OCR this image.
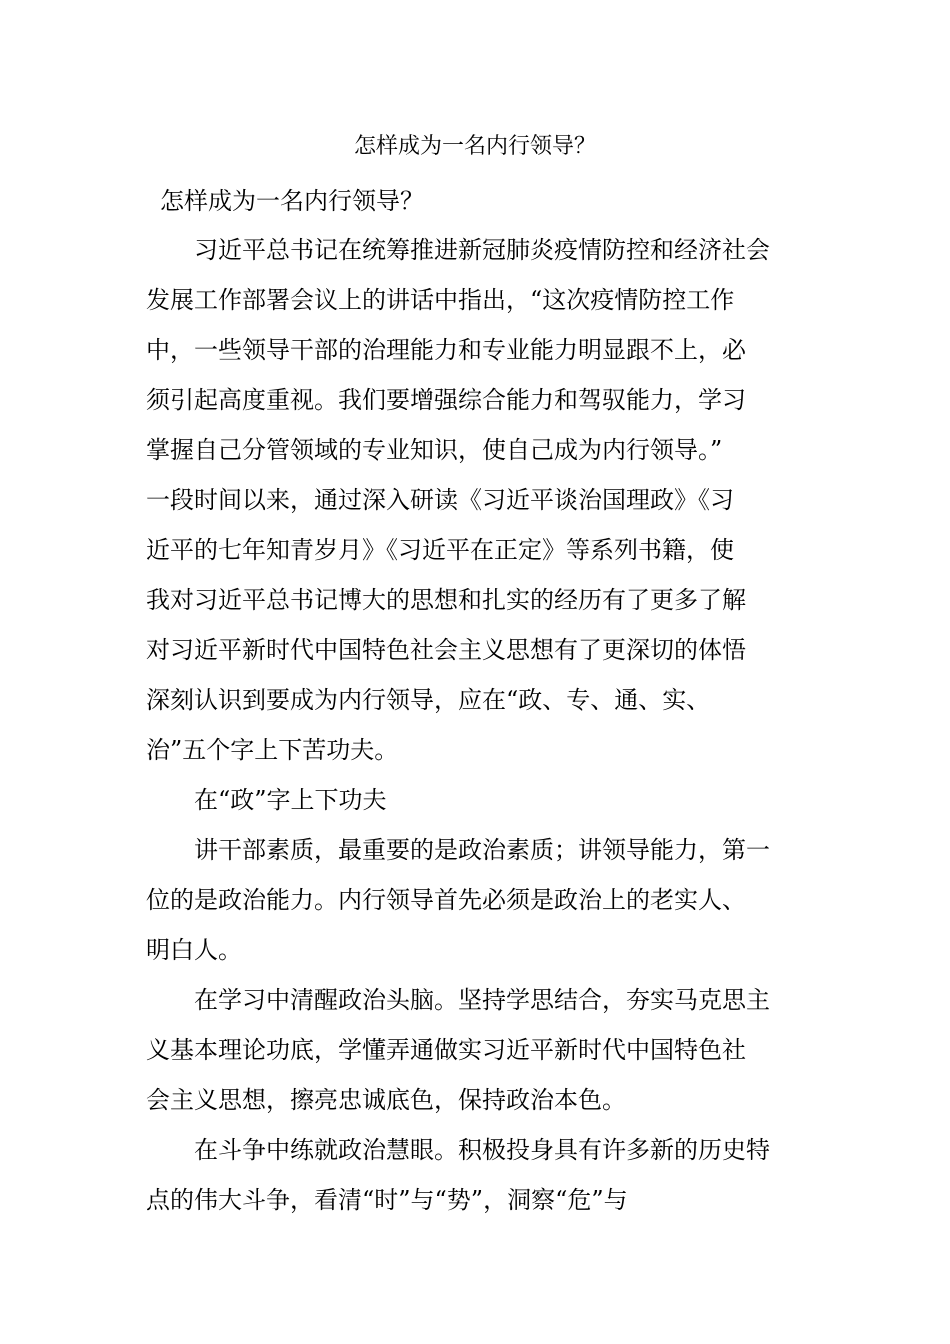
怎样成为一名内行领导？
怎样成为一名内行领导？
习近平总书记在统筹推进新冠肺炎疫情防控和经济社会
发展工作部署会议上的讲话中指出，“这次疫情防控工作
中，一些领导干部的治理能力和专业能力明显跟不上，必
须引起高度重视。我们要增强综合能力和驾驭能力，学习
掌握自己分管领域的专业知识，使自己成为内行领导。”
一段时间以来，通过深入研读《习近平谈治国理政》《习
近平的七年知青岁月》《习近平在正定》等系列书籍，使
我对习近平总书记博大的思想和扎实的经历有了更多了解
对习近平新时代中国特色社会主义思想有了更深切的体悟
深刻认识到要成为内行领导，应在“政、专、通、实、
治”五个字上下苦功夫。
在“政”字上下功夫
讲干部素质，最重要的是政治素质；讲领导能力，第一
位的是政治能力。内行领导首先必须是政治上的老实人、
明白人。
在学习中清醒政治头脑。坚持学思结合，夯实马克思主
义基本理论功底，学懂弄通做实习近平新时代中国特色社
会主义思想，擦亮忠诚底色，保持政治本色。
在斗争中练就政治慧眼。积极投身具有许多新的历史特
点的伟大斗争，看清“时”与“势”，洞察“危”与
